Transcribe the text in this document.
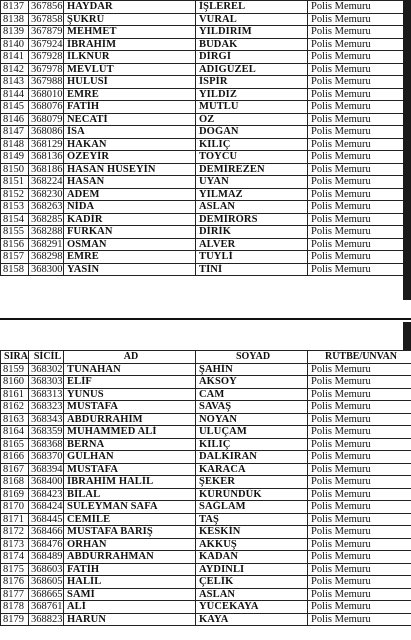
8137	367856	HAYDAR	İŞLEREL	Polis Memuru
8138	367858	ŞÜKRÜ	VURAL	Polis Memuru
8139	367879	MEHMET	YILDIRIM	Polis Memuru
8140	367924	İBRAHİM	BUDAK	Polis Memuru
8141	367928	İLKNUR	DİRGİ	Polis Memuru
8142	367978	MEVLÜT	ADIGÜZEL	Polis Memuru
8143	367988	HULUSİ	İSPİR	Polis Memuru
8144	368010	EMRE	YILDIZ	Polis Memuru
8145	368076	FATİH	MUTLU	Polis Memuru
8146	368079	NECATİ	ÖZ	Polis Memuru
8147	368086	İSA	DOĞAN	Polis Memuru
8148	368129	HAKAN	KILIÇ	Polis Memuru
8149	368136	ÖZEYİR	TOYCU	Polis Memuru
8150	368186	HASAN HÜSEYİN	DEMİREZEN	Polis Memuru
8151	368224	HASAN	UYAN	Polis Memuru
8152	368230	ADEM	YILMAZ	Polis Memuru
8153	368263	NİDA	ASLAN	Polis Memuru
8154	368285	KADİR	DEMİRÖRS	Polis Memuru
8155	368288	FURKAN	DİRİK	Polis Memuru
8156	368291	OSMAN	ALVER	Polis Memuru
8157	368298	EMRE	TUYLİ	Polis Memuru
8158	368300	YASİN	TİNİ	Polis Memuru
SIRA	SİCİL	AD	SOYAD	RÜTBE/UNVAN
8159	368302	TUNAHAN	ŞAHİN	Polis Memuru
8160	368303	ELİF	AKSOY	Polis Memuru
8161	368313	YUNUS	CAM	Polis Memuru
8162	368323	MUSTAFA	SAVAŞ	Polis Memuru
8163	368343	ABDURRAHİM	NOYAN	Polis Memuru
8164	368359	MUHAMMED ALİ	ULUÇAM	Polis Memuru
8165	368368	BERNA	KILIÇ	Polis Memuru
8166	368370	GÜLHAN	DALKIRAN	Polis Memuru
8167	368394	MUSTAFA	KARACA	Polis Memuru
8168	368400	İBRAHİM HALİL	ŞEKER	Polis Memuru
8169	368423	BİLAL	KÜRÜNDÜK	Polis Memuru
8170	368424	SÜLEYMAN SAFA	SAĞLAM	Polis Memuru
8171	368445	CEMİLE	TAŞ	Polis Memuru
8172	368466	MUSTAFA BARIŞ	KESKİN	Polis Memuru
8173	368476	ORHAN	AKKUŞ	Polis Memuru
8174	368489	ABDURRAHMAN	KADAN	Polis Memuru
8175	368603	FATİH	AYDINLI	Polis Memuru
8176	368605	HALİL	ÇELİK	Polis Memuru
8177	368665	SAMİ	ASLAN	Polis Memuru
8178	368761	ALİ	YÜCEKAYA	Polis Memuru
8179	368823	HARUN	KAYA	Polis Memuru
